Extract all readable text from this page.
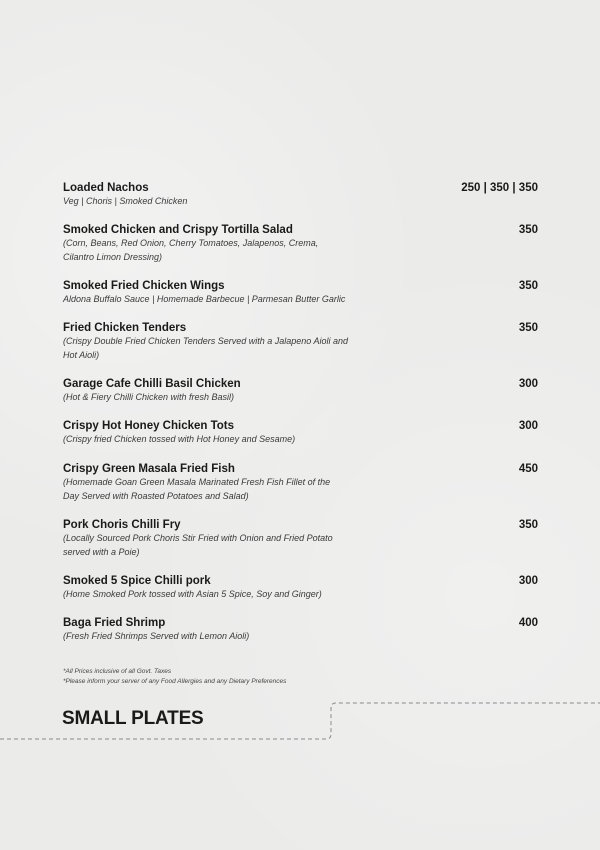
Loaded Nachos	250 | 350 | 350
Veg | Choris | Smoked Chicken
Smoked Chicken and Crispy Tortilla Salad	350
(Corn, Beans, Red Onion, Cherry Tomatoes, Jalapenos, Crema, Cilantro Limon Dressing)
Smoked Fried Chicken Wings	350
Aldona Buffalo Sauce | Homemade Barbecue | Parmesan Butter Garlic
Fried Chicken Tenders	350
(Crispy Double Fried Chicken Tenders Served with a Jalapeno Aioli and Hot Aioli)
Garage Cafe Chilli Basil Chicken	300
(Hot & Fiery Chilli Chicken with fresh Basil)
Crispy Hot Honey Chicken Tots	300
(Crispy fried Chicken tossed with Hot Honey and Sesame)
Crispy Green Masala Fried Fish	450
(Homemade Goan Green Masala Marinated Fresh Fish Fillet of the Day Served with Roasted Potatoes and Salad)
Pork Choris Chilli Fry	350
(Locally Sourced Pork Choris Stir Fried with Onion and Fried Potato served with a Poie)
Smoked 5 Spice Chilli pork	300
(Home Smoked Pork tossed with Asian 5 Spice, Soy and Ginger)
Baga Fried Shrimp	400
(Fresh Fried Shrimps Served with Lemon Aioli)
*All Prices inclusive of all Govt. Taxes
*Please inform your server of any Food Allergies and any Dietary Preferences
SMALL PLATES
